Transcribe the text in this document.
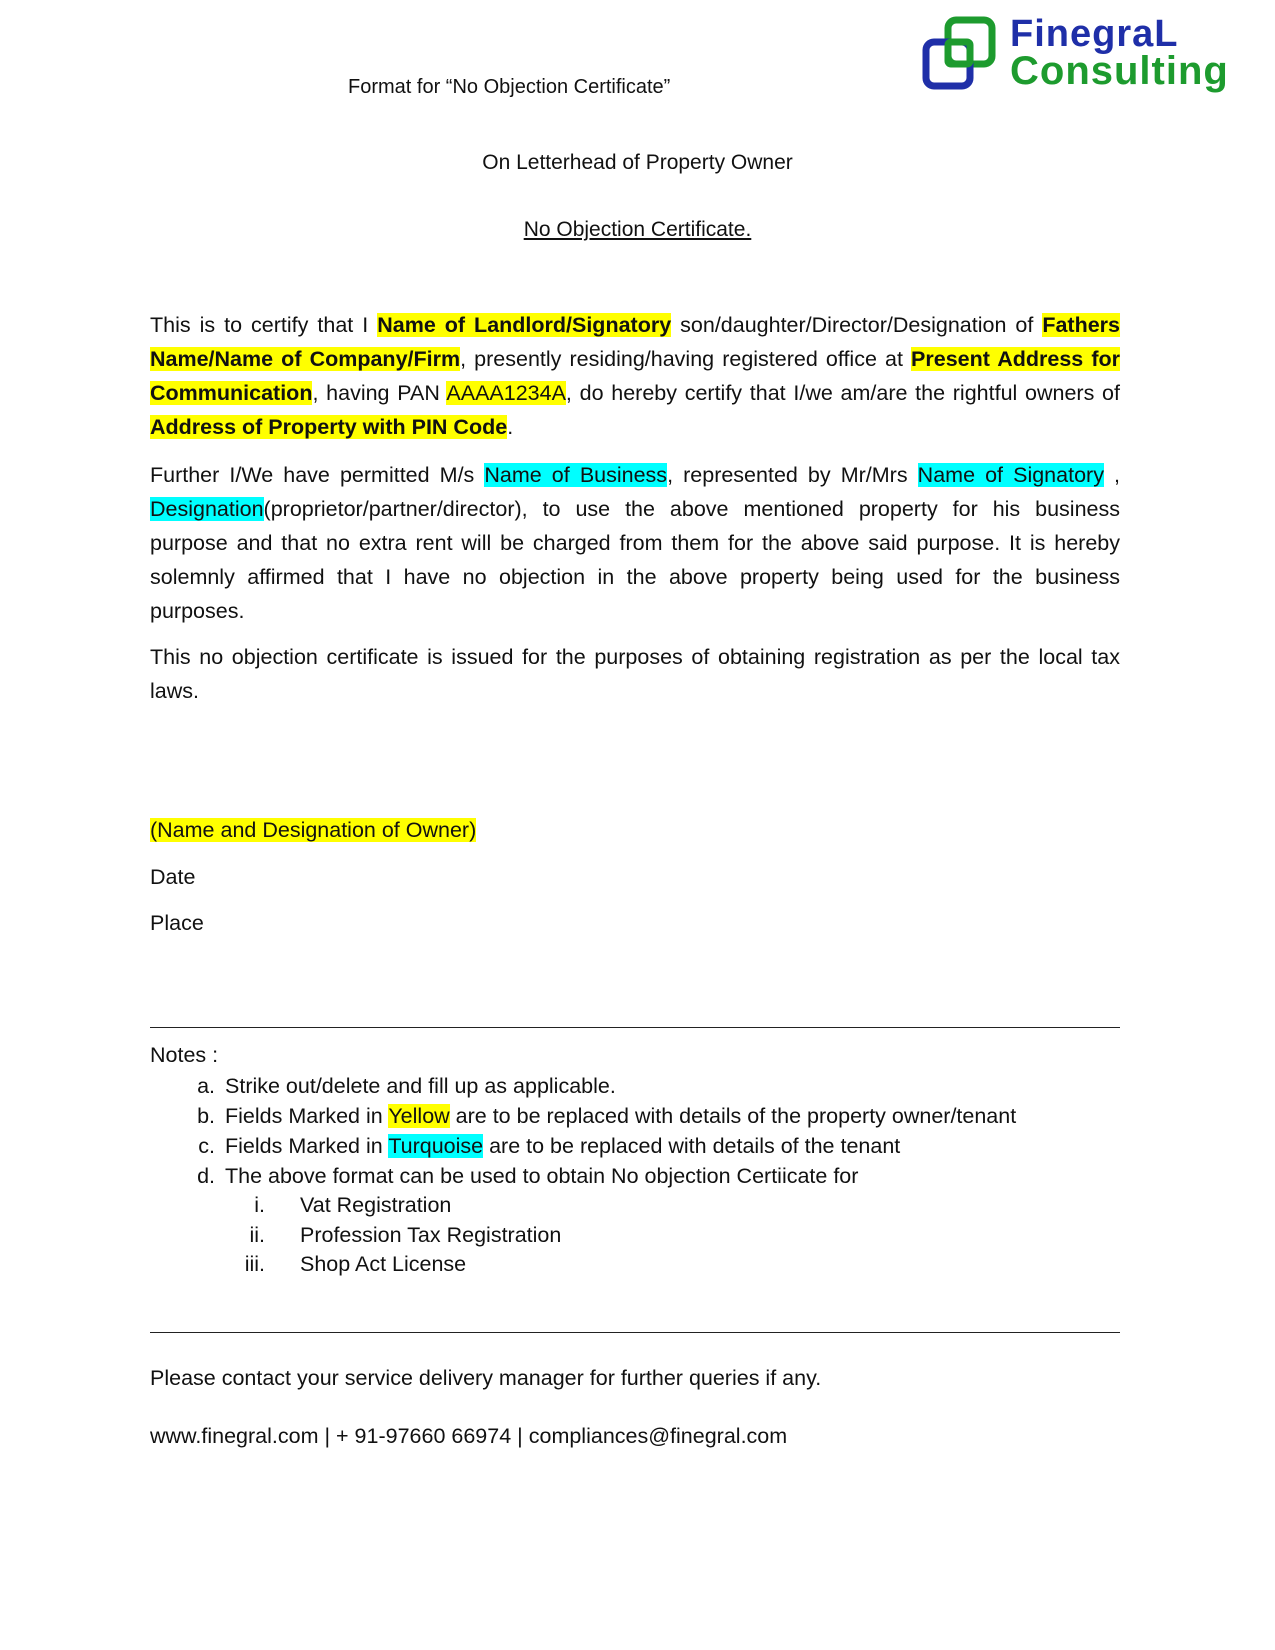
Format for “No Objection Certificate”
FinegraL
Consulting
On Letterhead of Property Owner
No Objection Certificate.
This is to certify that I Name of Landlord/Signatory son/daughter/Director/Designation of Fathers Name/Name of Company/Firm, presently residing/having registered office at Present Address for Communication, having PAN AAAA1234A, do hereby certify that I/we am/are the rightful owners of Address of Property with PIN Code.
Further I/We have permitted M/s Name of Business, represented by Mr/Mrs Name of Signatory , Designation(proprietor/partner/director), to use the above mentioned property for his business purpose and that no extra rent will be charged from them for the above said purpose. It is hereby solemnly affirmed that I have no objection in the above property being used for the business purposes.
This no objection certificate is issued for the purposes of obtaining registration as per the local tax laws.
(Name and Designation of Owner)
Date
Place
Notes :
a. Strike out/delete and fill up as applicable.
b. Fields Marked in Yellow are to be replaced with details of the property owner/tenant
c. Fields Marked in Turquoise are to be replaced with details of the tenant
d. The above format can be used to obtain No objection Certiicate for
i. Vat Registration
ii. Profession Tax Registration
iii. Shop Act License
Please contact your service delivery manager for further queries if any.
www.finegral.com | + 91-97660 66974 | compliances@finegral.com
